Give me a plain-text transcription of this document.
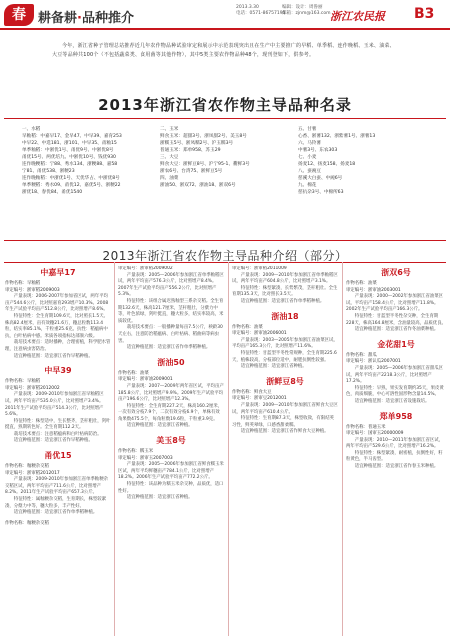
春 耕备耕·品种推介
2013.3.30
电话：0571-86757195
编辑：设计：周鲁丽
邮箱：zjnm@163.com 浙江农民报 B3
今年，浙江省种子管理总站推荐近几年农作物品种试验审定和展示中示范表现突出且在生产中主要推广的早稻、单季稻、连作晚稻、玉米、油菜、大豆等品种共100个（不包括蔬菜类、食用菌等其他作物），其中5类主要农作物品种48个，现刊登如下，供参考。
2013年浙江省农作物主导品种名录
一、水稻
早籼稻：中嘉早17、金早47、中早39、嘉育253
中早22、中选181、浙101、中早35、甬籼15
单季籼稻：中浙优1号、甬优9号、中浙优8号
甬优15号、两优培九、中浙优10号、钱优930
连作晚粳稻：宁88、秀水134、浙粳88、嘉58
宁81、甬优538、浙粳23
连作晚籼稻：中浙优1号、天优华占、中浙优8号
单季粳稻：秀水09、甬优12、嘉优5号、浙粳22
浙优18、春优84、甬优1540
二、玉米
鲜食玉米：超甜3号、浙凤甜2号、美玉8号
浙糯玉5号、浙凤糯2号、沪玉糯3号
普通玉米：郑单958、苏玉29
三、大豆
鲜食大豆：浙鲜豆8号、沪宁95-1、衢鲜3号
浙农6号、台湾75、浙鲜豆5号
四、油菜
浙油50、浙双72、浙油18、浙双6号
五、甘薯
心香、浙薯132、浙紫薯1号、浙薯13
六、马铃薯
中薯3号、东农303
七、小麦
扬麦12、扬麦158、扬麦18
八、蚕豌豆
慈溪大白蚕、中豌6号
九、棉花
慈抗杂3号、中棉所63
2013年浙江省农作物主导品种介绍（部分）
中嘉早17
作物名称：早籼稻
审定编号：浙审稻2009003

产量表现：2006-2007年参加省区试，两年平均亩产544.6公斤，比对照嘉育293增产10.3%。2008年生产试验平均亩产512.8公斤，比对照增产8.6%。

特征特性：全生育期109.6天，比对照长1.5天。株高82.4厘米，亩有效穗21.6万，穗总粒数113.4粒，结实率85.1%，千粒重25.6克。抗性：稻瘟病中抗，白叶枯病中感。米质各项指标达部颁六级。

栽培技术要点：适时播种，合理密植，科学肥水管理，注意病虫害防治。

适宜种植范围：适宜浙江省作早稻种植。

中早39
作物名称：早籼稻
审定编号：浙审稻2012002

产量表现：2009-2010年参加浙江省早籼稻区试，两年平均亩产535.0公斤，比对照增产3.4%。2011年生产试验平均亩产514.3公斤，比对照增产5.6%。

特征特性：株型适中，生长整齐，茎秆粗壮，剑叶挺直，熟期转色好。全生育期112.2天。

栽培技术要点：注意稻瘟病和白叶枯病防治。

适宜种植范围：适宜浙江省作早稻种植。

甬优15
作物名称：籼粳杂交稻
审定编号：浙审稻2012017

产量表现：2009-2010年参加浙江省单季籼粳杂交稻区试，两年平均亩产711.6公斤，比对照增产8.2%。2011年生产试验平均亩产657.3公斤。

特征特性：属籼粳杂交稻，生育期长，株型较紧凑，分蘖力中等，穗大粒多，丰产性好。

适宜种植范围：适宜浙江省作单季稻种植。

作物名称：籼粳杂交稻
审定编号：浙审稻2009002

产量表现：2005—2006年参加浙江省单季籼稻区试，两年平均亩产576.3公斤，比对照增产8.4%。2007年生产试验平均亩产556.2公斤，比对照增产5.3%。

特征特性：该组合属迟熟籼型三系杂交稻。全生育期132.6天，株高121.7厘米，茎秆粗壮，分蘖力中等，叶色浓绿，剑叶挺直，穗大粒多，结实率较高，米质较优。

栽培技术要点：一般播种量每亩7.5公斤，秧龄30天左右，注意防治稻瘟病、白叶枯病、稻曲病等病虫害。

适宜种植范围：适宜浙江省作单季稻种植。

浙油50
作物名称：油菜
审定编号：浙审油2009001

产量表现：2007—2009年两年省区试，平均亩产185.8公斤，比对照增产9.9%。2009年生产试验平均亩产196.6公斤，比对照增产12.3%。

特征特性：全生育期227.2天，株高160.2厘米，一次有效分枝7.9个，二次有效分枝6.9个，单株有效角果数475.5个，每角粒数19.6粒，千粒重3.9克。

适宜种植范围：适宜浙江省种植。

美玉8号
作物名称：糯玉米
审定编号：浙审玉2007003

产量表现：2005—2006年参加浙江省鲜食糯玉米区试，两年平均鲜穗亩产784.1公斤，比对照增产18.2%。2006年生产试验平均亩产772.2公斤。

特征特性：该品种为糯玉米杂交种，品质优，适口性好。

适宜种植范围：适宜浙江省种植。

审定编号：浙审稻2011009

产量表现：2009—2010年参加浙江省单季籼稻区试，两年平均亩产604.8公斤，比对照增产3.1%。

特征特性：株型紧凑，长势繁茂，茎秆粗壮。全生育期135.3天，比对照长3.5天。

适宜种植范围：适宜浙江省作单季稻种植。

浙油18
作物名称：油菜
审定编号：浙审油2006001

产量表现：2003—2005年参加浙江省油菜区试，平均亩产165.3公斤，比对照增产11.6%。

特征特性：甘蓝型半冬性常规种，全生育期225.6天，植株较高，分枝部位适中，耐肥抗倒性较强。

适宜种植范围：适宜浙江省种植。

浙鲜豆8号
作物名称：鲜食大豆
审定编号：浙审豆2012001

产量表现：2009—2010年参加浙江省鲜食大豆区试，两年平均亩产610.4公斤。

特征特性：生育期87.3天，株型收敛，有限结荚习性，鲜荚翠绿，口感香甜柔糯。

适宜种植范围：适宜浙江省作鲜食大豆种植。

浙双6号
作物名称：油菜
审定编号：浙审油2003001

产量表现：2000—2002年参加浙江省油菜区试，平均亩产158.4公斤，比对照增产11.8%。2002年生产试验平均亩产166.3公斤。

特征特性：甘蓝型半冬性杂交种，全生育期228天，株高164.8厘米，含油量较高，品质优良。

适宜种植范围：适宜浙江省作冬油菜种植。

金花甜1号
作物名称：甜瓜
审定编号：浙认瓜2007001

产量表现：2005—2006年参加浙江省甜瓜区试，两年平均亩产2218.3公斤，比对照增产17.2%。

特征特性：早熟，果实发育期约35天，果皮黄色，肉质细脆，中心可溶性固形物含量14.5%。

适宜种植范围：适宜浙江省设施栽培。

郑单958
作物名称：普通玉米
审定编号：国审玉20000009

产量表现：2010—2011年参加浙江省区试，两年平均亩产529.6公斤，比对照增产16.2%。

特征特性：株型紧凑，耐密植，抗倒性好，籽粒黄色，半马齿型。

适宜种植范围：适宜浙江省作春玉米种植。
